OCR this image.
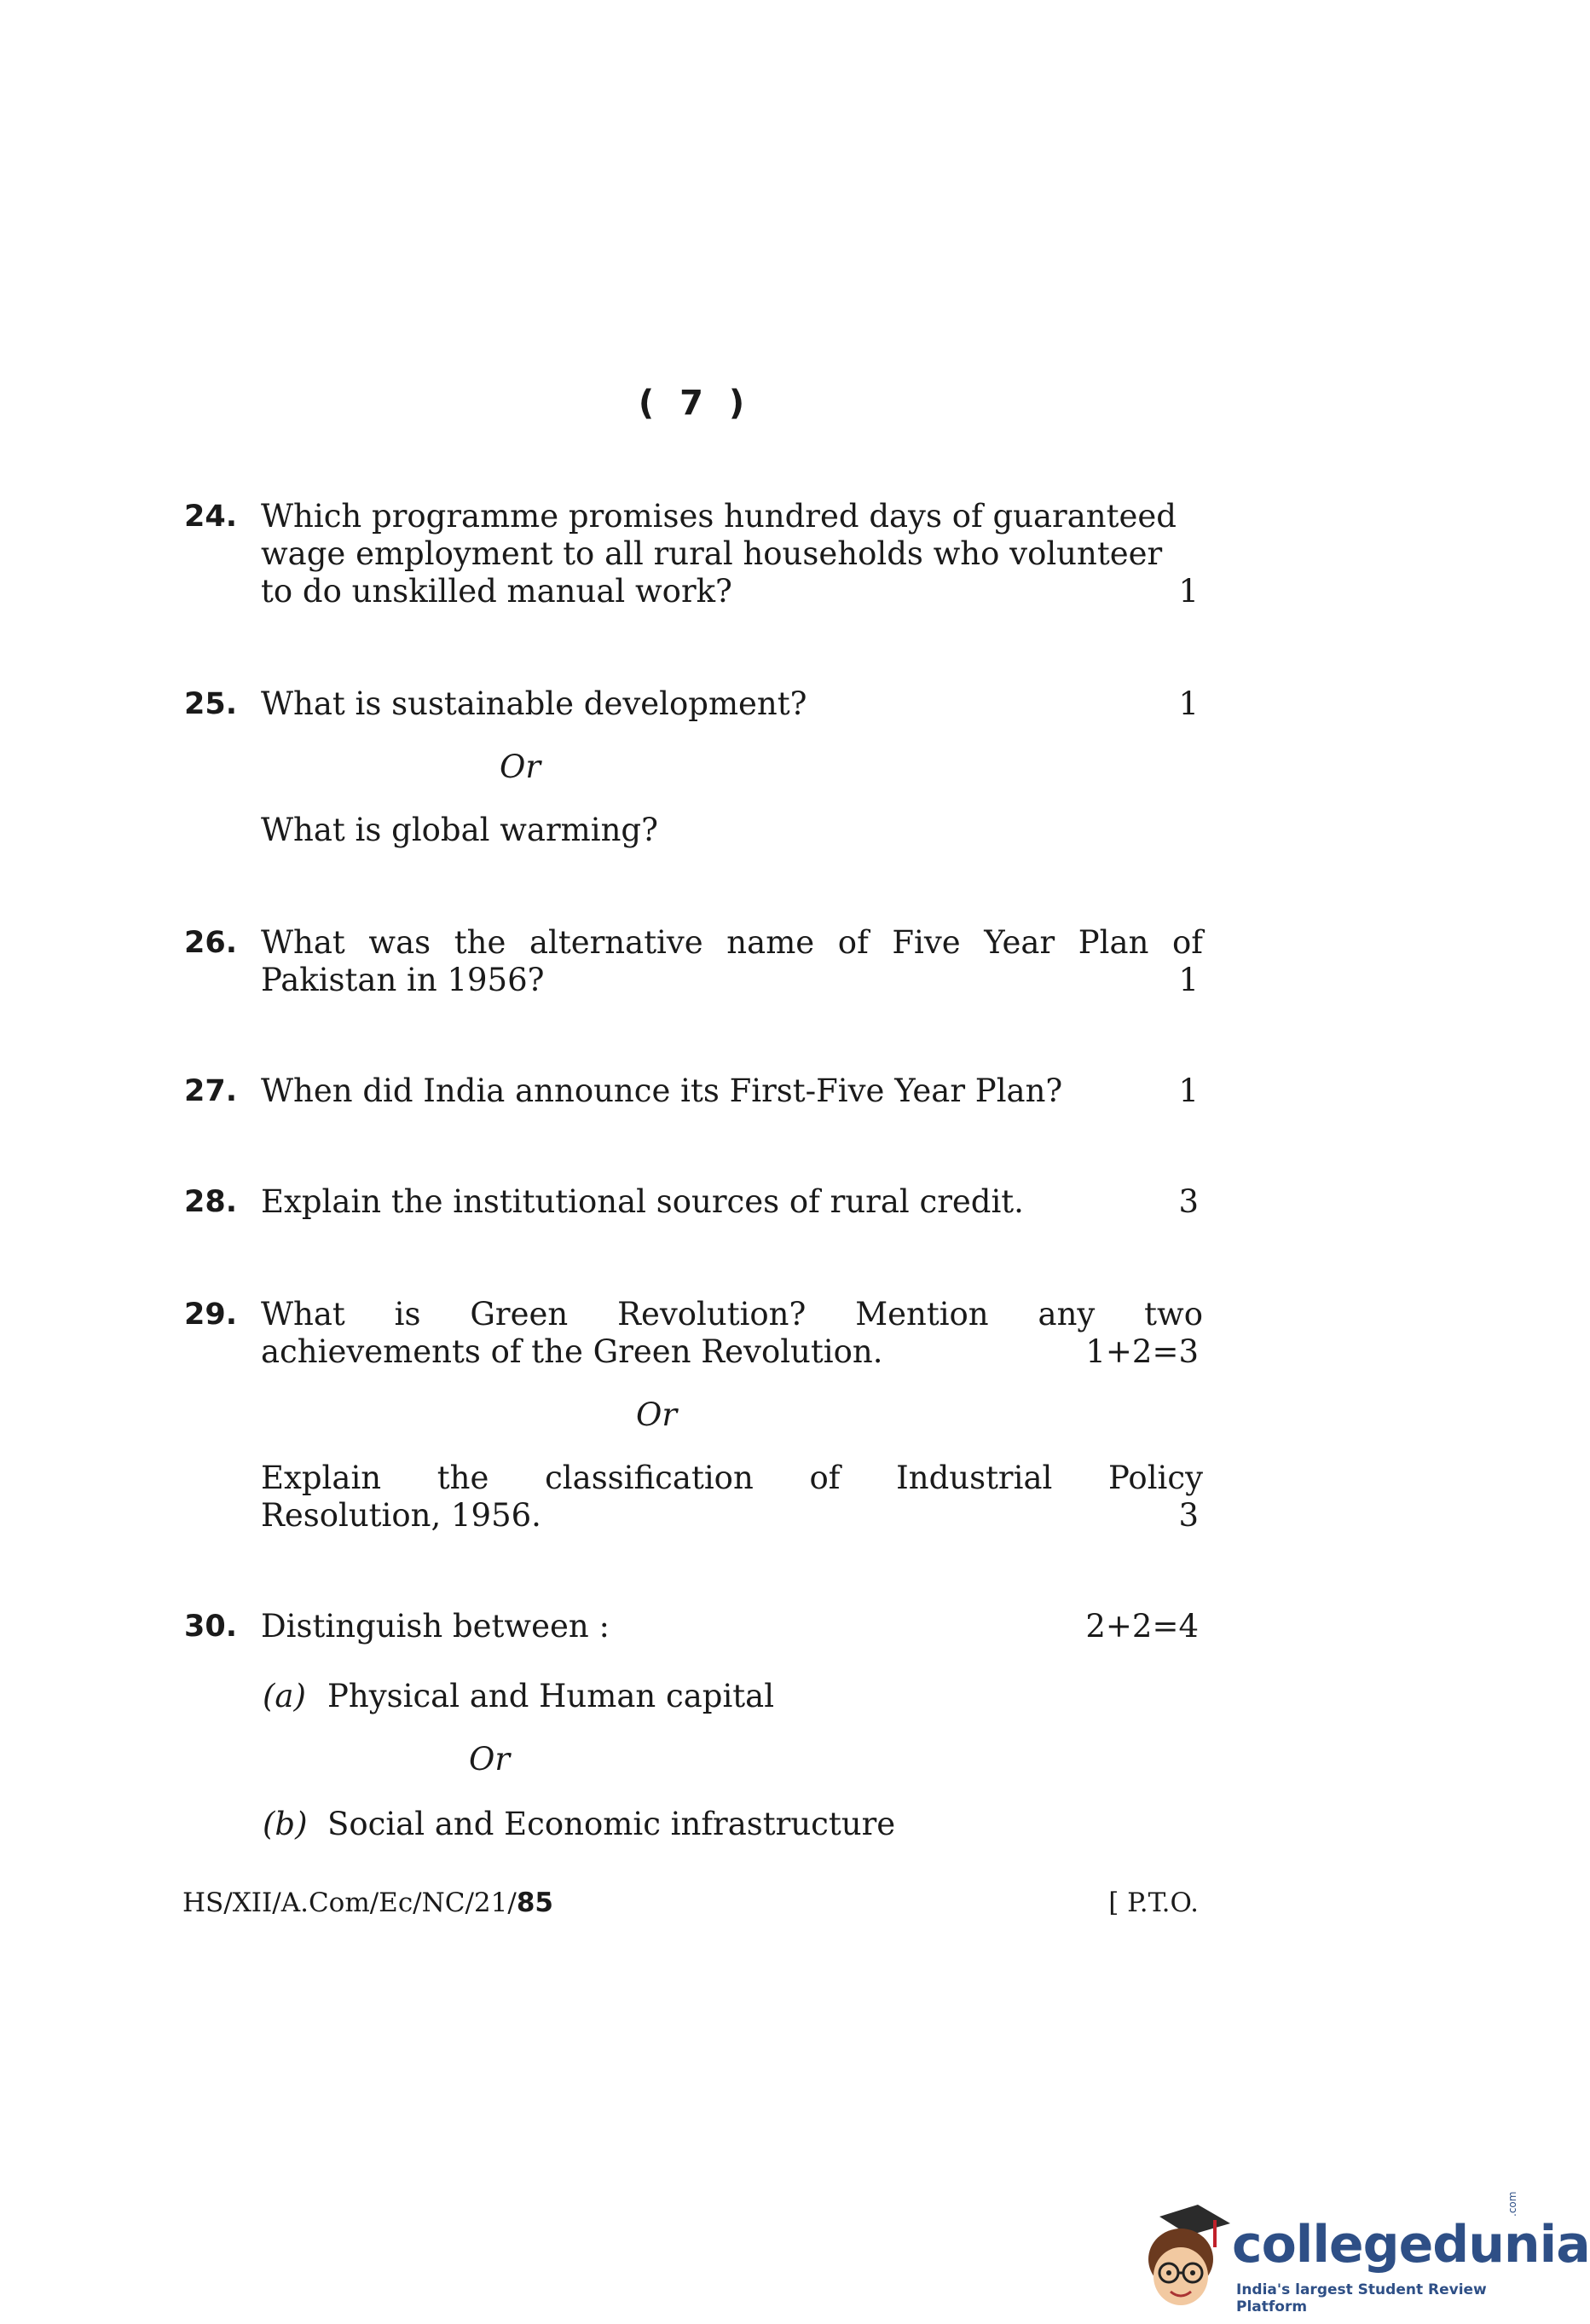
( 7 )
24. Which programme promises hundred days of guaranteed
wage employment to all rural households who volunteer
to do unskilled manual work?	1
25. What is sustainable development?	1
Or
What is global warming?
26. What was the alternative name of Five Year Plan of
Pakistan in 1956?	1
27. When did India announce its First-Five Year Plan?	1
28. Explain the institutional sources of rural credit.	3
29. What is Green Revolution? Mention any two
achievements of the Green Revolution.	1+2=3
Or
Explain the classification of Industrial Policy
Resolution, 1956.	3
30. Distinguish between :	2+2=4
(a) Physical and Human capital
Or
(b) Social and Economic infrastructure
HS/XII/A.Com/Ec/NC/21/85	[ P.T.O.
collegedunia
.com
India's largest Student Review Platform
